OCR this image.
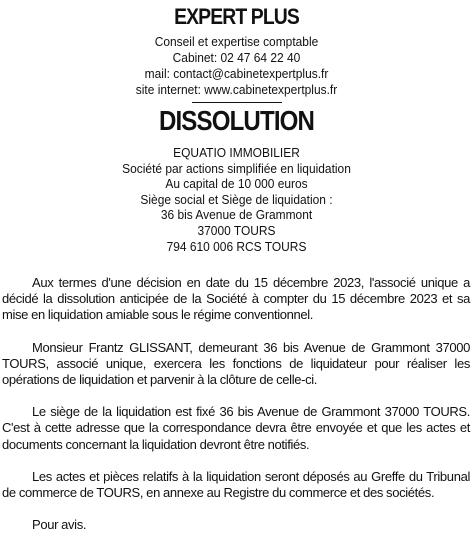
EXPERT PLUS

Conseil et expertise comptable

Cabinet: 02 47 64 22 40

mail: contact@cabinetexpertplus.fr

site internet: www.cabinetexpertplus.fr

DISSOLUTION

EQUATIO IMMOBILIER

Société par actions simplifiée en liquidation

Au capital de 10 000 euros

Siège social et Siège de liquidation :

36 bis Avenue de Grammont

37000 TOURS

794 610 006 RCS TOURS

Aux termes d'une décision en date du 15 décembre 2023, l'associé unique a décidé la dissolution anticipée de la Société à compter du 15 décembre 2023 et sa mise en liquidation amiable sous le régime conventionnel.

Monsieur Frantz GLISSANT, demeurant 36 bis Avenue de Grammont 37000 TOURS, associé unique, exercera les fonctions de liquidateur pour réaliser les opérations de liquidation et parvenir à la clôture de celle-ci.

Le siège de la liquidation est fixé 36 bis Avenue de Grammont 37000 TOURS. C'est à cette adresse que la correspondance devra être envoyée et que les actes et documents concernant la liquidation devront être notifiés.

Les actes et pièces relatifs à la liquidation seront déposés au Greffe du Tribunal de commerce de TOURS, en annexe au Registre du commerce et des sociétés.

Pour avis.
